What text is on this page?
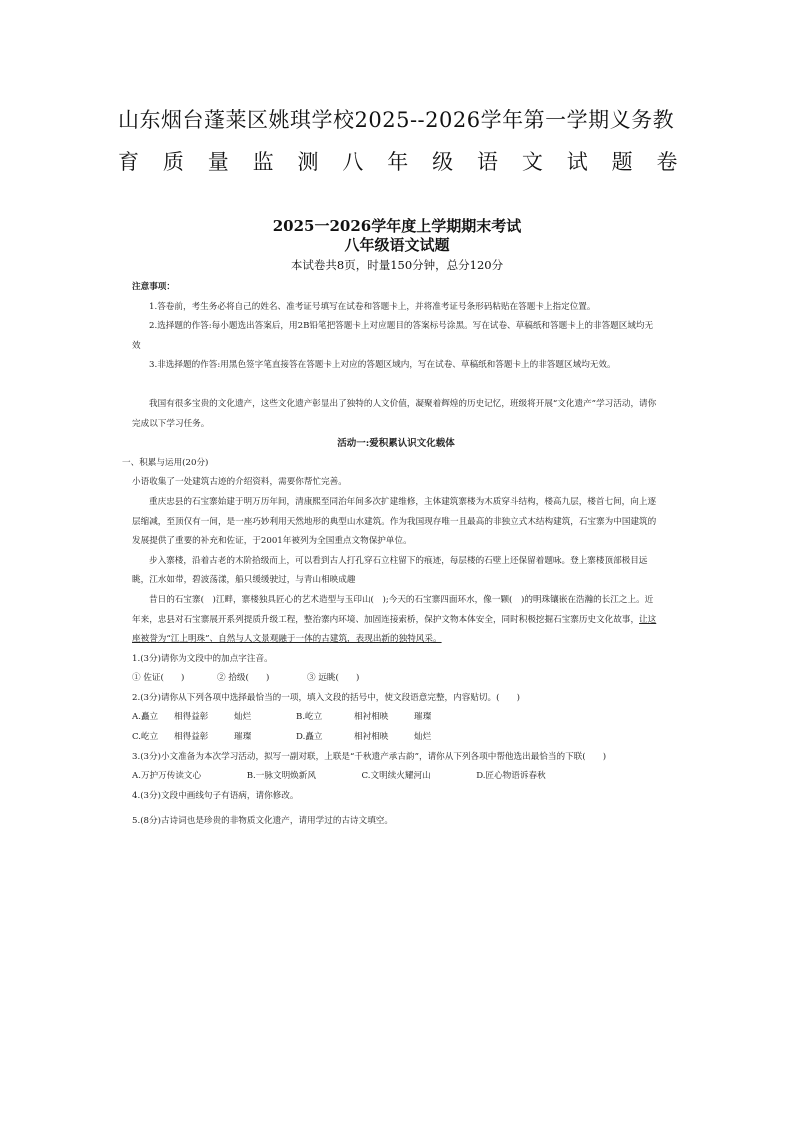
山东烟台蓬莱区姚琪学校2025--2026学年第一学期义务教
育 质 量 监 测 八 年 级 语 文 试 题 卷
2025一2026学年度上学期期末考试
八年级语文试题
本试卷共8页，时量150分钟，总分120分

注意事项：

1.答卷前，考生务必将自己的姓名、准考证号填写在试卷和答题卡上，并将准考证号条形码粘贴在答题卡上指定位置。

2.选择题的作答:每小题选出答案后，用2B铅笔把答题卡上对应题目的答案标号涂黑。写在试卷、草稿纸和答题卡上的非答题区域均无效

3.非选择题的作答:用黑色签字笔直接答在答题卡上对应的答题区域内，写在试卷、草稿纸和答题卡上的非答题区域均无效。

我国有很多宝贵的文化遗产，这些文化遗产彰显出了独特的人文价值，凝聚着辉煌的历史记忆，班级将开展“文化遗产”学习活动，请你完成以下学习任务。

活动一:爱积累认识文化载体

一、积累与运用(20分)

小语收集了一处建筑古迹的介绍资料，需要你帮忙完善。

重庆忠县的石宝寨始建于明万历年间，清康熙至同治年间多次扩建维修，主体建筑寨楼为木质穿斗结构，楼高九层，楼首七间，向上逐层缩减，至顶仅有一间，是一座巧妙利用天然地形的典型山水建筑。作为我国现存唯一且最高的非独立式木结构建筑，石宝寨为中国建筑的发展提供了重要的补充和佐证，于2001年被列为全国重点文物保护单位。

步入寨楼，沿着古老的木阶拾级而上，可以看到古人打孔穿石立柱留下的痕迹，每层楼的石壁上还保留着题咏。登上寨楼顶部极目远眺，江水如带，碧波荡漾，船只缓缓驶过，与青山相映成趣

昔日的石宝寨(　)江畔，寨楼独具匠心的艺术造型与玉印山(　);今天的石宝寨四面环水，像一颗(　)的明珠镶嵌在浩瀚的长江之上。近年来，忠县对石宝寨展开系列提质升级工程，整治寨内环境、加固连接索桥，保护文物本体安全，同时积极挖掘石宝寨历史文化故事，让这座被誉为“江上明珠”、自然与人文景观融于一体的古建筑，表现出新的独特风采。

1.(3分)请你为文段中的加点字注音。

① 佐证(　　)	② 拾级(　　)	③ 远眺(　　)

2.(3分)请你从下列各项中选择最恰当的一项，填入文段的括号中，使文段语意完整，内容贴切。(　　)

A.矗立	相得益彰	灿烂	B.屹立	相衬相映	璀璨

C.屹立	相得益彰	璀璨	D.矗立	相衬相映	灿烂

3.(3分)小文准备为本次学习活动，拟写一副对联，上联是“千秋遗产承古韵”，请你从下列各项中帮他选出最恰当的下联(　　)

A.万护万传读文心	B.一脉文明焕新风	C.文明续火耀河山	D.匠心物语诉春秋

4.(3分)文段中画线句子有语病，请你修改。

5.(8分)古诗词也是珍贵的非物质文化遗产，请用学过的古诗文填空。
